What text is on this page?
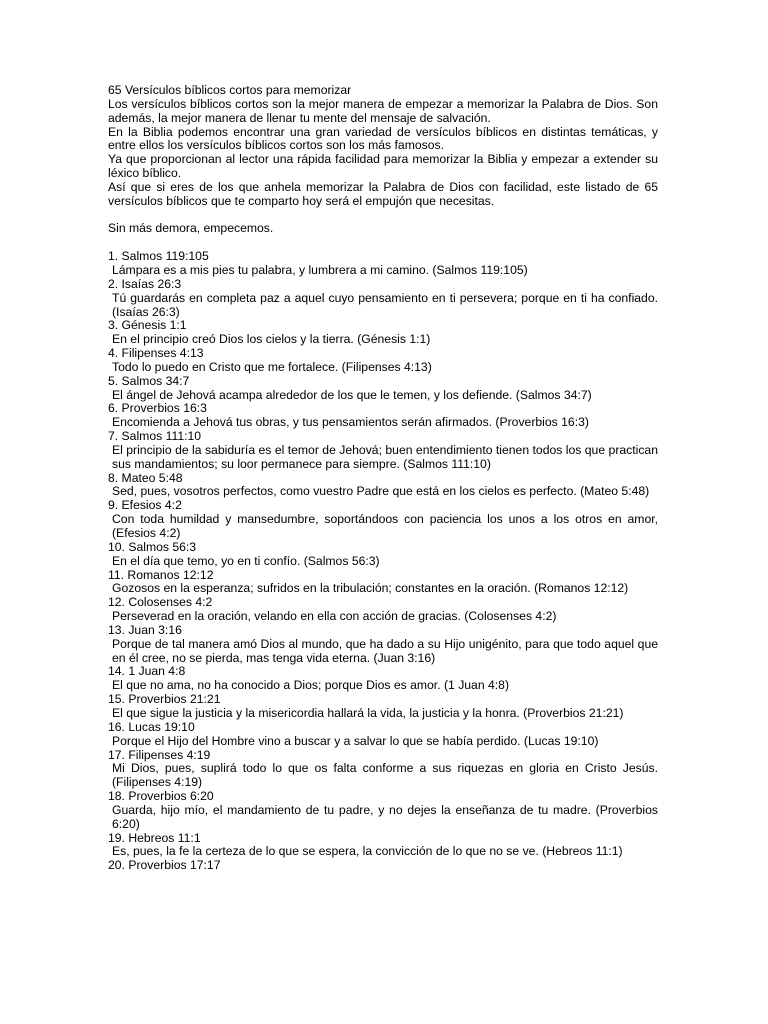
65 Versículos bíblicos cortos para memorizar

Los versículos bíblicos cortos son la mejor manera de empezar a memorizar la Palabra de Dios. Son además, la mejor manera de llenar tu mente del mensaje de salvación.

En la Biblia podemos encontrar una gran variedad de versículos bíblicos en distintas temáticas, y entre ellos los versículos bíblicos cortos son los más famosos.

Ya que proporcionan al lector una rápida facilidad para memorizar la Biblia y empezar a extender su léxico bíblico.

Así que si eres de los que anhela memorizar la Palabra de Dios con facilidad, este listado de 65 versículos bíblicos que te comparto hoy será el empujón que necesitas.

Sin más demora, empecemos.

1. Salmos 119:105

Lámpara es a mis pies tu palabra, y lumbrera a mi camino. (Salmos 119:105)

2. Isaías 26:3

Tú guardarás en completa paz a aquel cuyo pensamiento en ti persevera; porque en ti ha confiado. (Isaías 26:3)

3. Génesis 1:1

En el principio creó Dios los cielos y la tierra. (Génesis 1:1)

4. Filipenses 4:13

Todo lo puedo en Cristo que me fortalece. (Filipenses 4:13)

5. Salmos 34:7

El ángel de Jehová acampa alrededor de los que le temen, y los defiende. (Salmos 34:7)

6. Proverbios 16:3

Encomienda a Jehová tus obras, y tus pensamientos serán afirmados. (Proverbios 16:3)

7. Salmos 111:10

El principio de la sabiduría es el temor de Jehová; buen entendimiento tienen todos los que practican sus mandamientos; su loor permanece para siempre. (Salmos 111:10)

8. Mateo 5:48

Sed, pues, vosotros perfectos, como vuestro Padre que está en los cielos es perfecto. (Mateo 5:48)

9. Efesios 4:2

Con toda humildad y mansedumbre, soportándoos con paciencia los unos a los otros en amor, (Efesios 4:2)

10. Salmos 56:3

En el día que temo, yo en ti confío. (Salmos 56:3)

11. Romanos 12:12

Gozosos en la esperanza; sufridos en la tribulación; constantes en la oración. (Romanos 12:12)

12. Colosenses 4:2

Perseverad en la oración, velando en ella con acción de gracias. (Colosenses 4:2)

13. Juan 3:16

Porque de tal manera amó Dios al mundo, que ha dado a su Hijo unigénito, para que todo aquel que en él cree, no se pierda, mas tenga vida eterna. (Juan 3:16)

14. 1 Juan 4:8

El que no ama, no ha conocido a Dios; porque Dios es amor. (1 Juan 4:8)

15. Proverbios 21:21

El que sigue la justicia y la misericordia hallará la vida, la justicia y la honra. (Proverbios 21:21)

16. Lucas 19:10

Porque el Hijo del Hombre vino a buscar y a salvar lo que se había perdido. (Lucas 19:10)

17. Filipenses 4:19

Mi Dios, pues, suplirá todo lo que os falta conforme a sus riquezas en gloria en Cristo Jesús. (Filipenses 4:19)

18. Proverbios 6:20

Guarda, hijo mío, el mandamiento de tu padre, y no dejes la enseñanza de tu madre. (Proverbios 6:20)

19. Hebreos 11:1

Es, pues, la fe la certeza de lo que se espera, la convicción de lo que no se ve. (Hebreos 11:1)

20. Proverbios 17:17
